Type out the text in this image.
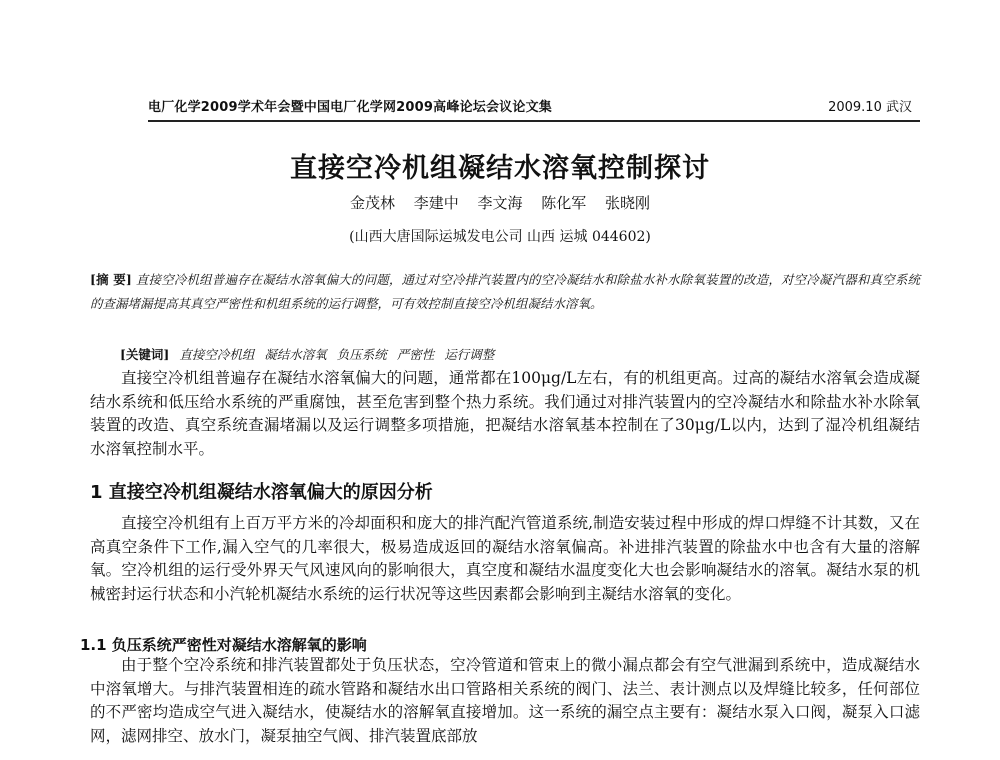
电厂化学2009学术年会暨中国电厂化学网2009高峰论坛会议论文集	2009.10 武汉
直接空冷机组凝结水溶氧控制探讨
金茂林 李建中 李文海 陈化军 张晓刚
(山西大唐国际运城发电公司 山西 运城 044602)
[摘 要] 直接空冷机组普遍存在凝结水溶氧偏大的问题，通过对空冷排汽装置内的空冷凝结水和除盐水补水除氧装置的改造，对空冷凝汽器和真空系统的查漏堵漏提高其真空严密性和机组系统的运行调整，可有效控制直接空冷机组凝结水溶氧。
[关键词] 直接空冷机组 凝结水溶氧 负压系统 严密性 运行调整
直接空冷机组普遍存在凝结水溶氧偏大的问题，通常都在100μg/L左右，有的机组更高。过高的凝结水溶氧会造成凝结水系统和低压给水系统的严重腐蚀，甚至危害到整个热力系统。我们通过对排汽装置内的空冷凝结水和除盐水补水除氧装置的改造、真空系统查漏堵漏以及运行调整多项措施，把凝结水溶氧基本控制在了30μg/L以内，达到了湿冷机组凝结水溶氧控制水平。
1 直接空冷机组凝结水溶氧偏大的原因分析
直接空冷机组有上百万平方米的冷却面积和庞大的排汽配汽管道系统,制造安装过程中形成的焊口焊缝不计其数，又在高真空条件下工作,漏入空气的几率很大，极易造成返回的凝结水溶氧偏高。补进排汽装置的除盐水中也含有大量的溶解氧。空冷机组的运行受外界天气风速风向的影响很大，真空度和凝结水温度变化大也会影响凝结水的溶氧。凝结水泵的机械密封运行状态和小汽轮机凝结水系统的运行状况等这些因素都会影响到主凝结水溶氧的变化。
1.1 负压系统严密性对凝结水溶解氧的影响
由于整个空冷系统和排汽装置都处于负压状态，空冷管道和管束上的微小漏点都会有空气泄漏到系统中，造成凝结水中溶氧增大。与排汽装置相连的疏水管路和凝结水出口管路相关系统的阀门、法兰、表计测点以及焊缝比较多，任何部位的不严密均造成空气进入凝结水，使凝结水的溶解氧直接增加。这一系统的漏空点主要有：凝结水泵入口阀，凝泵入口滤网，滤网排空、放水门，凝泵抽空气阀、排汽装置底部放
